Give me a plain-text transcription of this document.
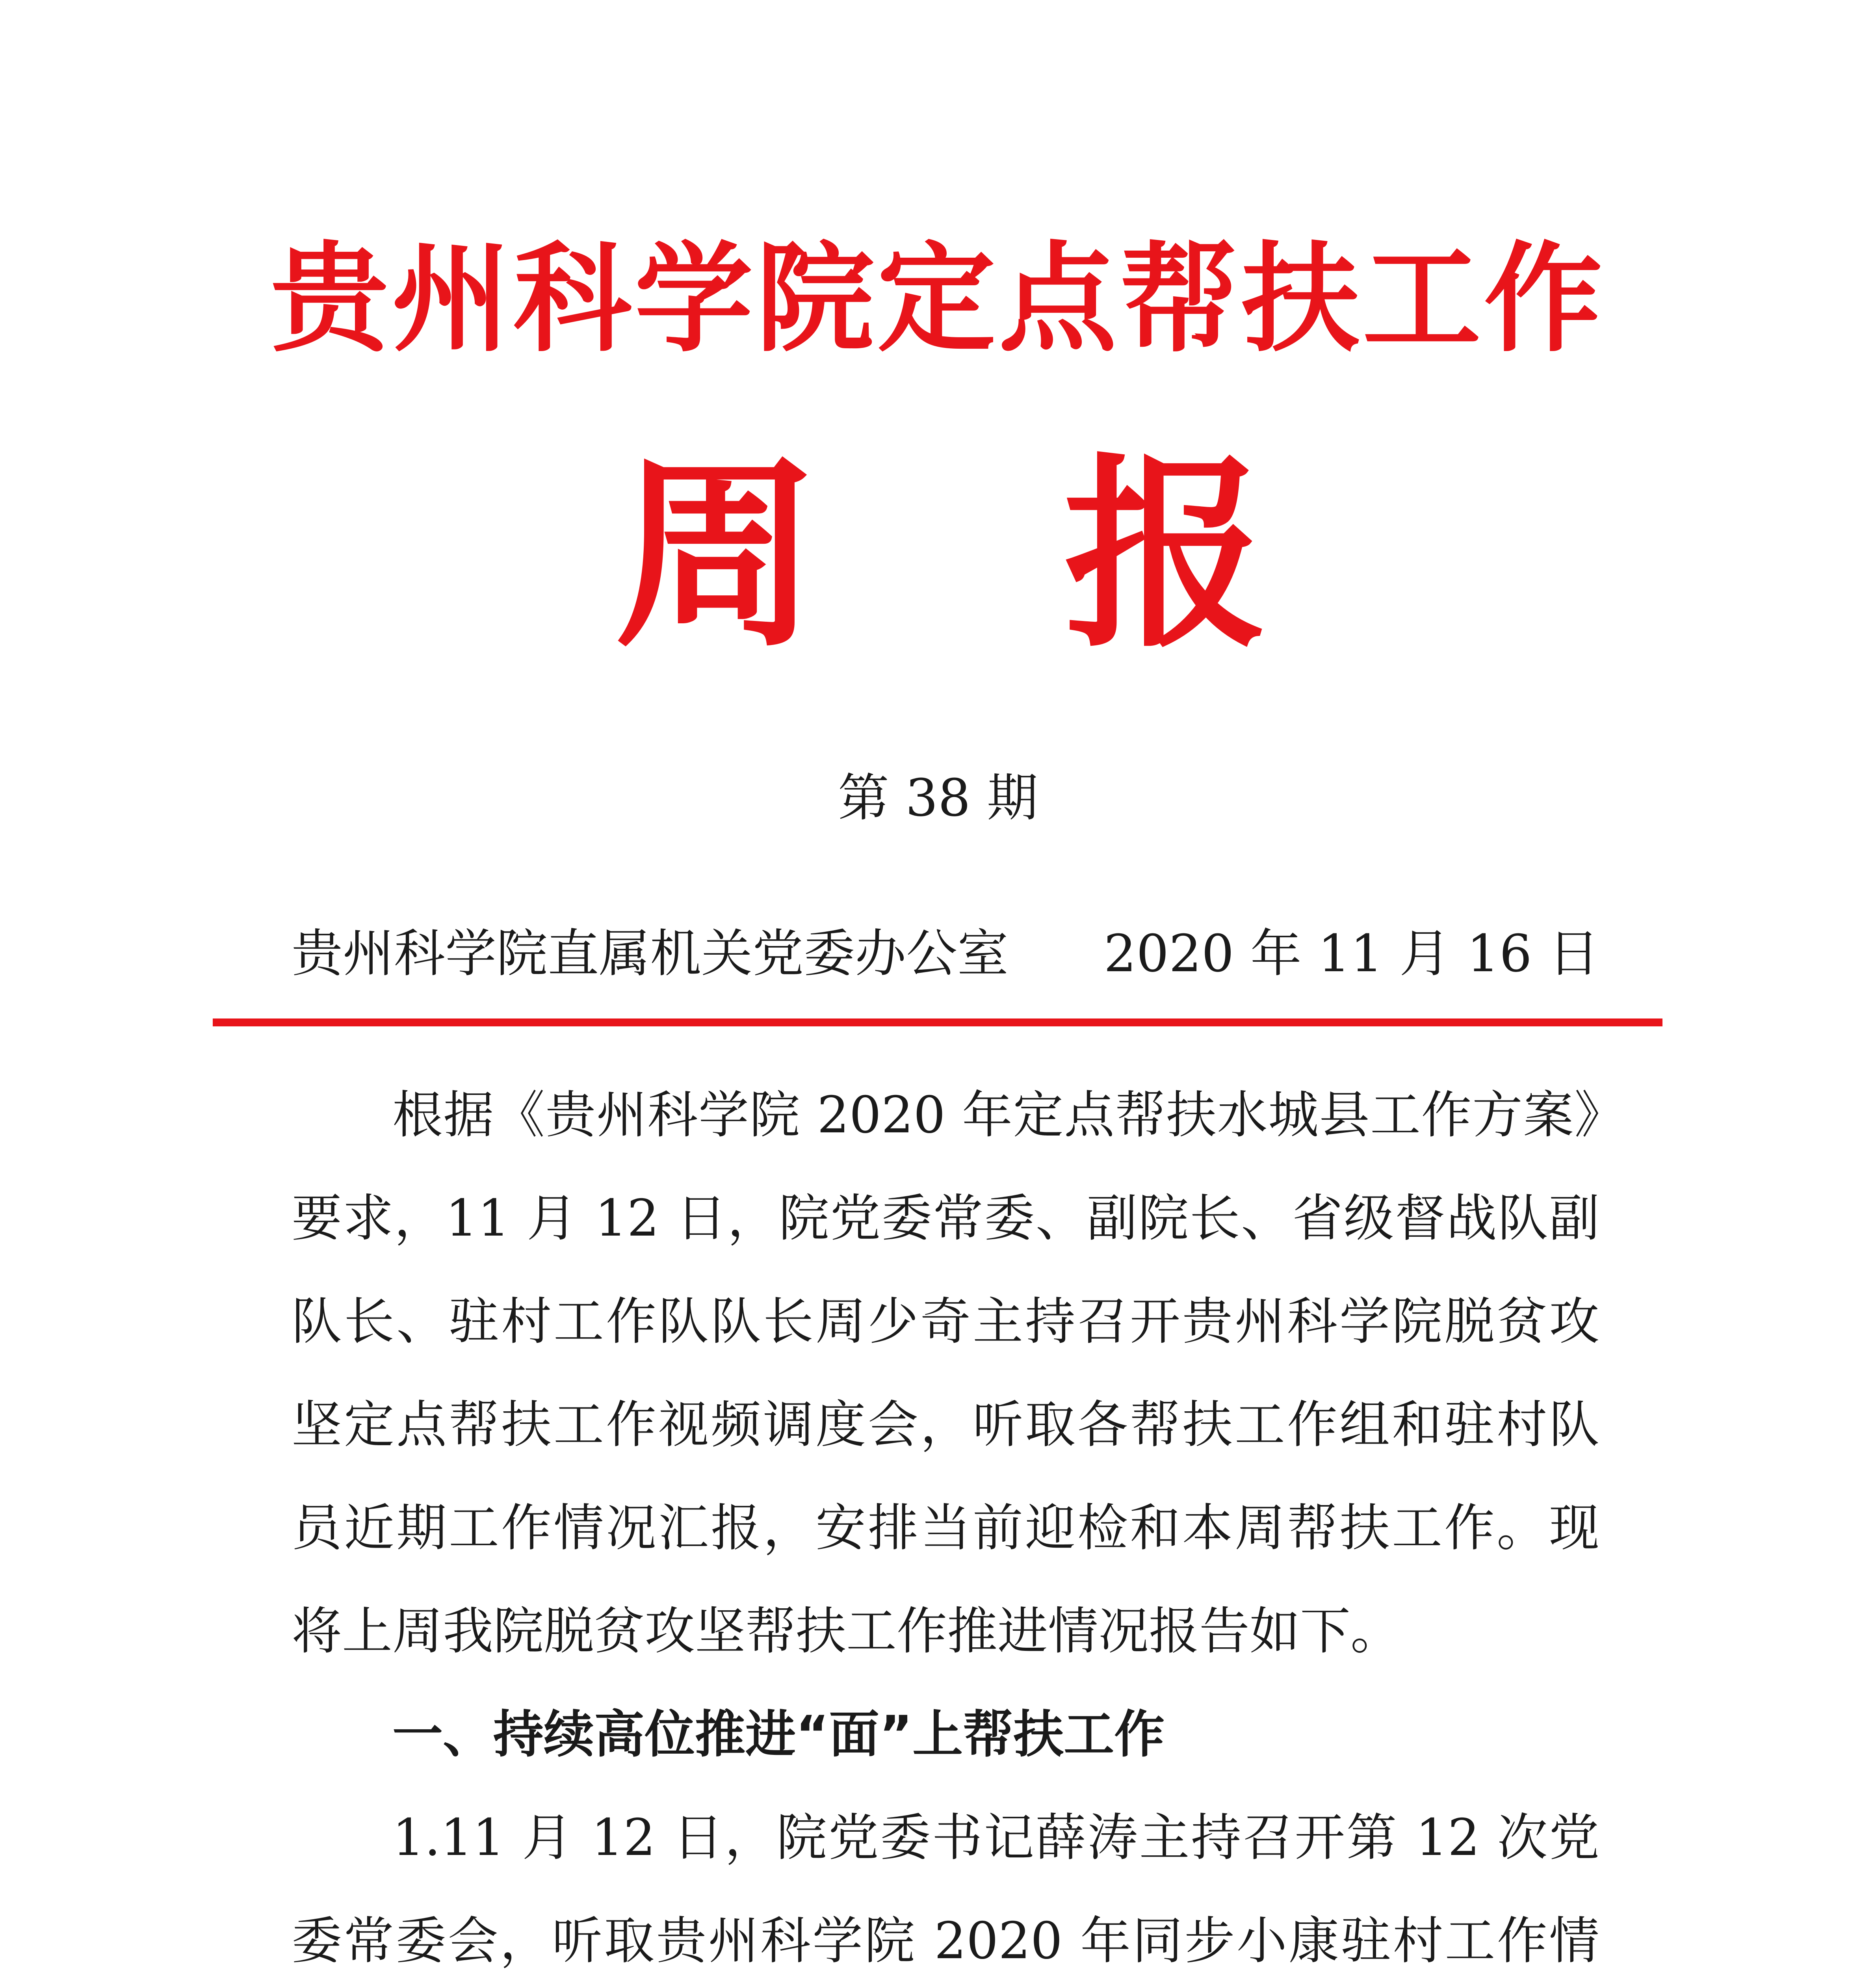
贵州科学院定点帮扶工作
周 报
第 38 期
贵州科学院直属机关党委办公室 2020 年 11 月 16 日

根据《贵州科学院 2020 年定点帮扶水城县工作方案》要求，11 月 12 日，院党委常委、副院长、省级督战队副队长、驻村工作队队长周少奇主持召开贵州科学院脱贫攻坚定点帮扶工作视频调度会，听取各帮扶工作组和驻村队员近期工作情况汇报，安排当前迎检和本周帮扶工作。现将上周我院脱贫攻坚帮扶工作推进情况报告如下。

一、持续高位推进“面”上帮扶工作

1.11 月 12 日，院党委书记薛涛主持召开第 12 次党委常委会，听取贵州科学院 2020 年同步小康驻村工作情
